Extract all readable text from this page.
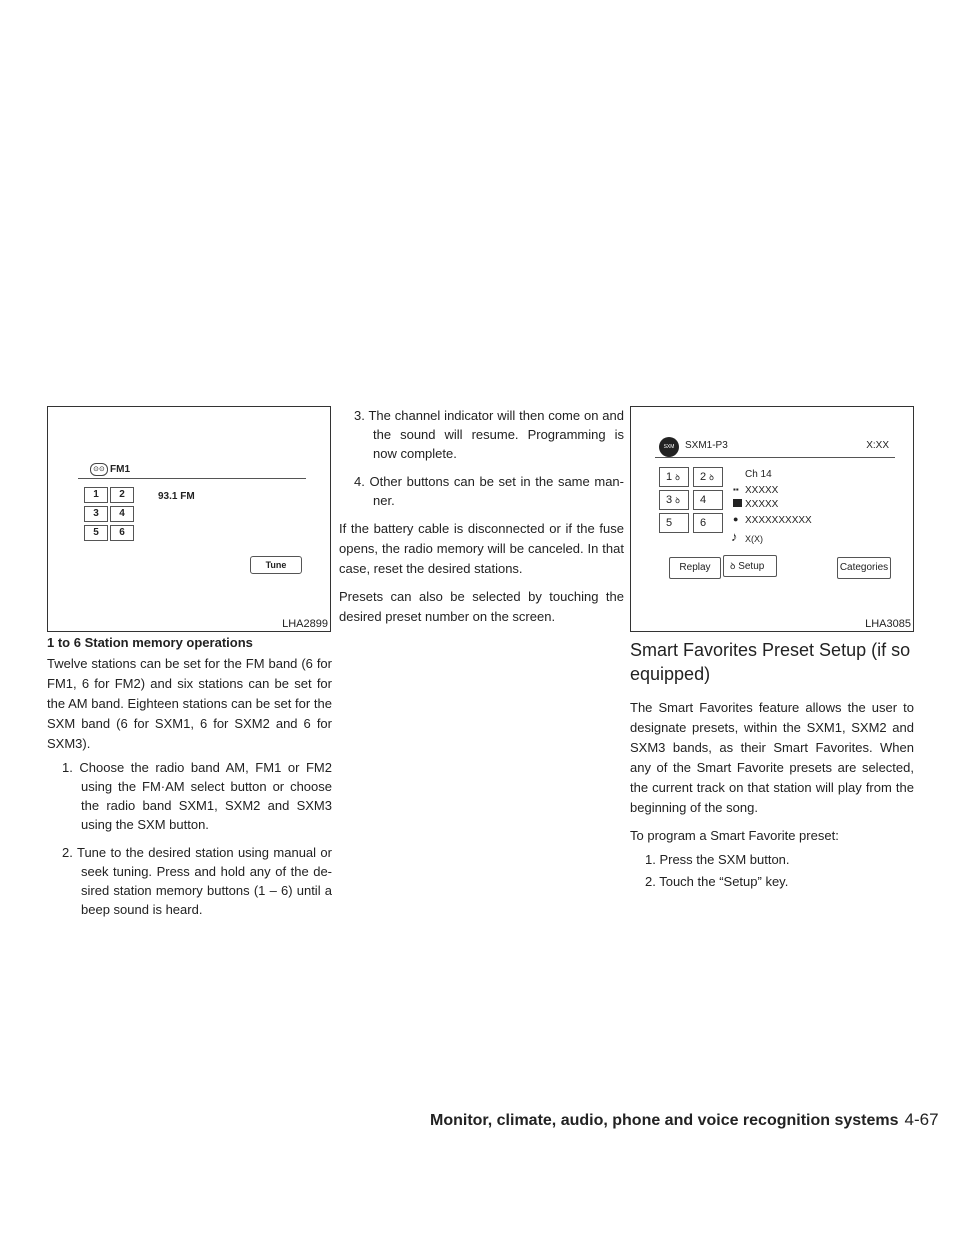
⊙⊙ FM1
1	2
3	4
5	6
93.1 FM
Tune
LHA2899
SXM	SXM1-P3	X:XX
1 ꝺ	2 ꝺ
3 ꝺ	4
5	6
Ch 14
▪▪ XXXXX
XXXXX
● XXXXXXXXXX
♪ X(X)
Replay	ꝺ Setup	Categories
LHA3085
1 to 6 Station memory operations

Twelve stations can be set for the FM band (6 for FM1, 6 for FM2) and six stations can be set for the AM band. Eighteen stations can be set for the SXM band (6 for SXM1, 6 for SXM2 and 6 for SXM3).

1. Choose the radio band AM, FM1 or FM2 using the FM·AM select button or choose the radio band SXM1, SXM2 and SXM3 using the SXM button.

2. Tune to the desired station using manual or seek tuning. Press and hold any of the de-sired station memory buttons (1 – 6) until a beep sound is heard.

3. The channel indicator will then come on and the sound will resume. Programming is now complete.

4. Other buttons can be set in the same man-ner.

If the battery cable is disconnected or if the fuse opens, the radio memory will be canceled. In that case, reset the desired stations.

Presets can also be selected by touching the desired preset number on the screen.

Smart Favorites Preset Setup (if so equipped)

The Smart Favorites feature allows the user to designate presets, within the SXM1, SXM2 and SXM3 bands, as their Smart Favorites. When any of the Smart Favorite presets are selected, the current track on that station will play from the beginning of the song.

To program a Smart Favorite preset:

1. Press the SXM button.

2. Touch the “Setup” key.

Monitor, climate, audio, phone and voice recognition systems 4-67
